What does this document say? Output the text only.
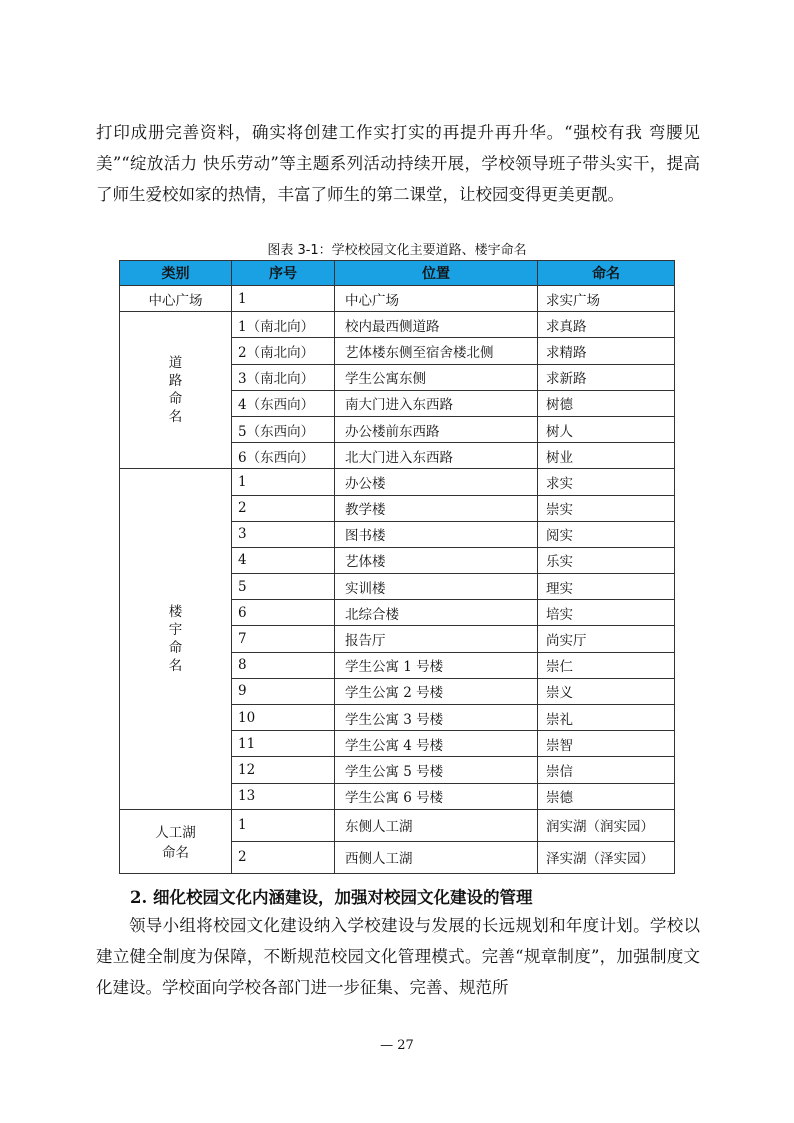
打印成册完善资料，确实将创建工作实打实的再提升再升华。“强校有我 弯腰见美”“绽放活力 快乐劳动”等主题系列活动持续开展，学校领导班子带头实干，提高了师生爱校如家的热情，丰富了师生的第二课堂，让校园变得更美更靓。

图表 3-1：学校校园文化主要道路、楼宇命名
类别	序号	位置	命名
中心广场	1	中心广场	求实广场
道路命名	1（南北向）	校内最西侧道路	求真路
	2（南北向）	艺体楼东侧至宿舍楼北侧	求精路
	3（南北向）	学生公寓东侧	求新路
	4（东西向）	南大门进入东西路	树德
	5（东西向）	办公楼前东西路	树人
	6（东西向）	北大门进入东西路	树业
楼宇命名	1	办公楼	求实
	2	教学楼	崇实
	3	图书楼	阅实
	4	艺体楼	乐实
	5	实训楼	理实
	6	北综合楼	培实
	7	报告厅	尚实厅
	8	学生公寓 1 号楼	崇仁
	9	学生公寓 2 号楼	崇义
	10	学生公寓 3 号楼	崇礼
	11	学生公寓 4 号楼	崇智
	12	学生公寓 5 号楼	崇信
	13	学生公寓 6 号楼	崇德

人工湖
命名	1	东侧人工湖	润实湖（润实园）
	2	西侧人工湖	泽实湖（泽实园）
2. 细化校园文化内涵建设，加强对校园文化建设的管理

领导小组将校园文化建设纳入学校建设与发展的长远规划和年度计划。学校以建立健全制度为保障，不断规范校园文化管理模式。完善“规章制度”，加强制度文化建设。学校面向学校各部门进一步征集、完善、规范所

— 27
